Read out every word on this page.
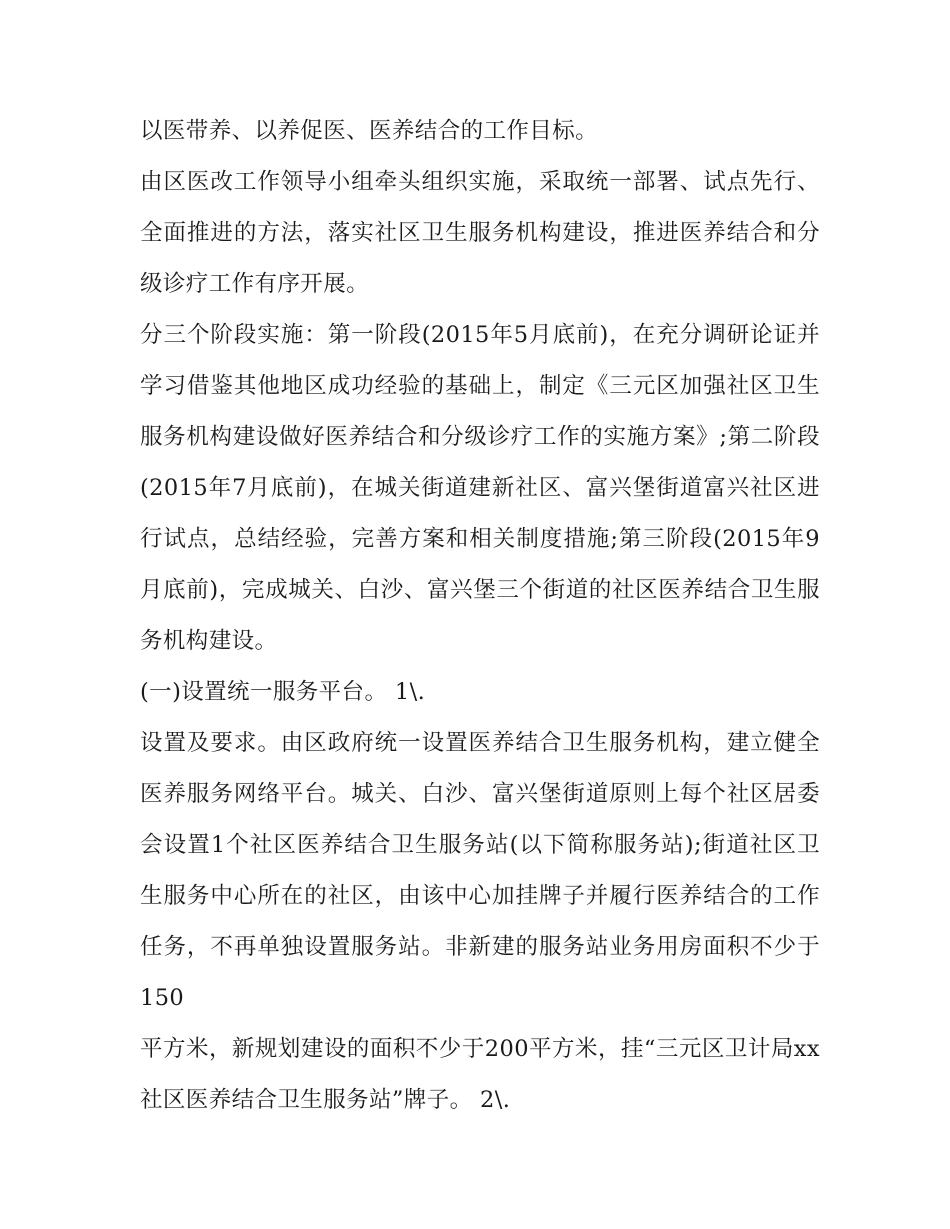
以医带养、以养促医、医养结合的工作目标。

由区医改工作领导小组牵头组织实施，采取统一部署、试点先行、全面推进的方法，落实社区卫生服务机构建设，推进医养结合和分级诊疗工作有序开展。

分三个阶段实施：第一阶段(2015年5月底前)，在充分调研论证并学习借鉴其他地区成功经验的基础上，制定《三元区加强社区卫生服务机构建设做好医养结合和分级诊疗工作的实施方案》;第二阶段(2015年7月底前)，在城关街道建新社区、富兴堡街道富兴社区进行试点，总结经验，完善方案和相关制度措施;第三阶段(2015年9月底前)，完成城关、白沙、富兴堡三个街道的社区医养结合卫生服务机构建设。

(一)设置统一服务平台。 1\.

设置及要求。由区政府统一设置医养结合卫生服务机构，建立健全医养服务网络平台。城关、白沙、富兴堡街道原则上每个社区居委会设置1个社区医养结合卫生服务站(以下简称服务站);街道社区卫生服务中心所在的社区，由该中心加挂牌子并履行医养结合的工作任务，不再单独设置服务站。非新建的服务站业务用房面积不少于150

平方米，新规划建设的面积不少于200平方米，挂“三元区卫计局xx社区医养结合卫生服务站”牌子。 2\.
